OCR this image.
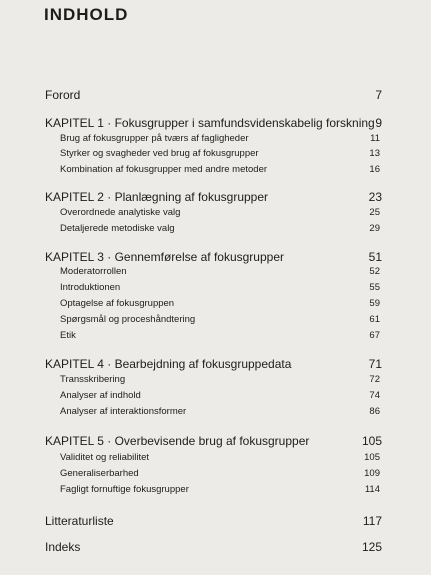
INDHOLD
Forord	7
KAPITEL 1 · Fokusgrupper i samfundsvidenskabelig forskning 9
Brug af fokusgrupper på tværs af fagligheder	11
Styrker og svagheder ved brug af fokusgrupper	13
Kombination af fokusgrupper med andre metoder	16
KAPITEL 2 · Planlægning af fokusgrupper	23
Overordnede analytiske valg	25
Detaljerede metodiske valg	29
KAPITEL 3 · Gennemførelse af fokusgrupper	51
Moderatorrollen	52
Introduktionen	55
Optagelse af fokusgruppen	59
Spørgsmål og proceshåndtering	61
Etik	67
KAPITEL 4 · Bearbejdning af fokusgruppedata	71
Transskribering	72
Analyser af indhold	74
Analyser af interaktionsformer	86
KAPITEL 5 · Overbevisende brug af fokusgrupper	105
Validitet og reliabilitet	105
Generaliserbarhed	109
Fagligt fornuftige fokusgrupper	114
Litteraturliste	117
Indeks	125
